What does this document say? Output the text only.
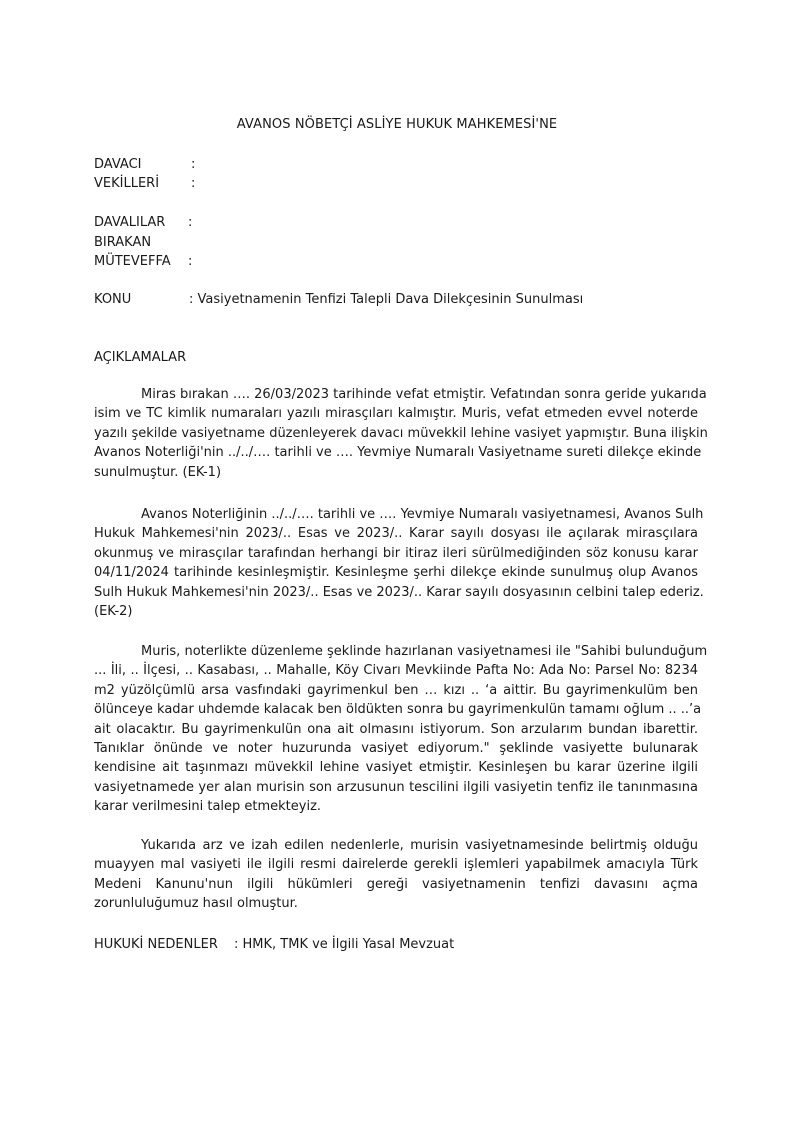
AVANOS NÖBETÇİ ASLİYE HUKUK MAHKEMESİ'NE
DAVACI	:
VEKİLLERİ :
DAVALILAR :
BIRAKAN
MÜTEVEFFA :
KONU	: Vasiyetnamenin Tenfizi Talepli Dava Dilekçesinin Sunulması
AÇIKLAMALAR
Miras bırakan …. 26/03/2023 tarihinde vefat etmiştir. Vefatından sonra geride yukarıda
isim ve TC kimlik numaraları yazılı mirasçıları kalmıştır. Muris, vefat etmeden evvel noterde
yazılı şekilde vasiyetname düzenleyerek davacı müvekkil lehine vasiyet yapmıştır. Buna ilişkin
Avanos Noterliği'nin ../../…. tarihli ve …. Yevmiye Numaralı Vasiyetname sureti dilekçe ekinde
sunulmuştur. (EK-1)
Avanos Noterliğinin ../../…. tarihli ve …. Yevmiye Numaralı vasiyetnamesi, Avanos Sulh
Hukuk Mahkemesi'nin 2023/.. Esas ve 2023/.. Karar sayılı dosyası ile açılarak mirasçılara
okunmuş ve mirasçılar tarafından herhangi bir itiraz ileri sürülmediğinden söz konusu karar
04/11/2024 tarihinde kesinleşmiştir. Kesinleşme şerhi dilekçe ekinde sunulmuş olup Avanos
Sulh Hukuk Mahkemesi'nin 2023/.. Esas ve 2023/.. Karar sayılı dosyasının celbini talep ederiz.
(EK-2)
Muris, noterlikte düzenleme şeklinde hazırlanan vasiyetnamesi ile "Sahibi bulunduğum
... İli, .. İlçesi, .. Kasabası, .. Mahalle, Köy Civarı Mevkiinde Pafta No: Ada No: Parsel No: 8234
m2 yüzölçümlü arsa vasfındaki gayrimenkul ben … kızı .. ‘a aittir. Bu gayrimenkulüm ben
ölünceye kadar uhdemde kalacak ben öldükten sonra bu gayrimenkulün tamamı oğlum .. ..’a
ait olacaktır. Bu gayrimenkulün ona ait olmasını istiyorum. Son arzularım bundan ibarettir.
Tanıklar önünde ve noter huzurunda vasiyet ediyorum." şeklinde vasiyette bulunarak
kendisine ait taşınmazı müvekkil lehine vasiyet etmiştir. Kesinleşen bu karar üzerine ilgili
vasiyetnamede yer alan murisin son arzusunun tescilini ilgili vasiyetin tenfiz ile tanınmasına
karar verilmesini talep etmekteyiz.
Yukarıda arz ve izah edilen nedenlerle, murisin vasiyetnamesinde belirtmiş olduğu
muayyen mal vasiyeti ile ilgili resmi dairelerde gerekli işlemleri yapabilmek amacıyla Türk
Medeni Kanunu'nun ilgili hükümleri gereği vasiyetnamenin tenfizi davasını açma
zorunluluğumuz hasıl olmuştur.
HUKUKİ NEDENLER : HMK, TMK ve İlgili Yasal Mevzuat
